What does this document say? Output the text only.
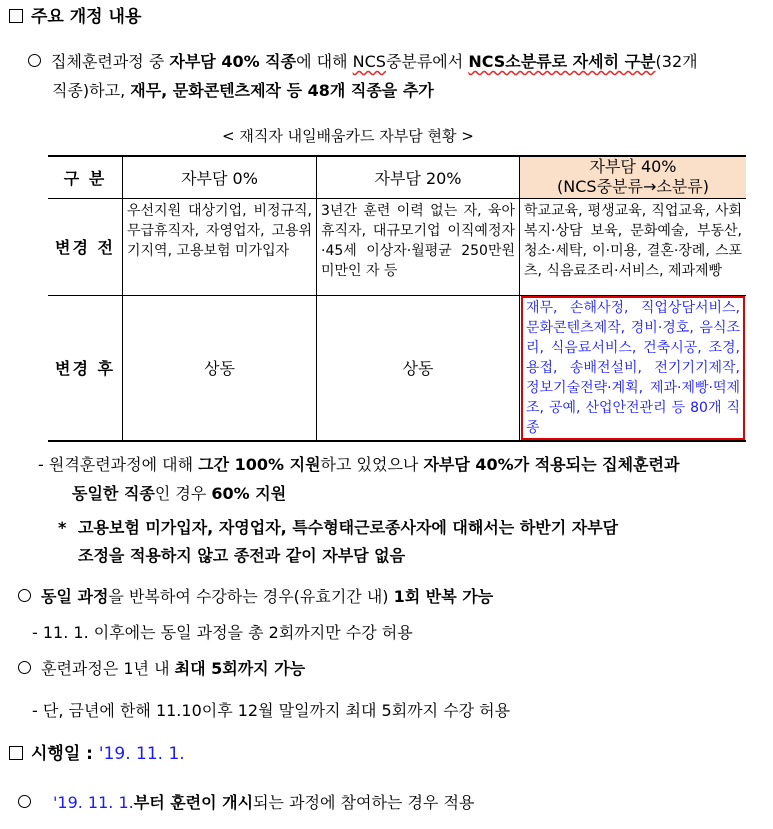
주요 개정 내용
집체훈련과정 중 자부담 40% 직종에 대해 NCS중분류에서 NCS소분류로 자세히 구분(32개
직종)하고, 재무, 문화콘텐츠제작 등 48개 직종을 추가
< 재직자 내일배움카드 자부담 현황 >
구 분	자부담 0%	자부담 20%	자부담 40%
(NCS중분류→소분류)

변경 전	우선지원 대상기업, 비정규직, 무급휴직자, 자영업자, 고용위기지역, 고용보험 미가입자	3년간 훈련 이력 없는 자, 육아휴직자, 대규모기업 이직예정자·45세 이상자·월평균 250만원 미만인 자 등	학교교육, 평생교육, 직업교육, 사회복지·상담 보육, 문화예술, 부동산, 청소·세탁, 이·미용, 결혼·장례, 스포츠, 식음료조리·서비스, 제과제빵
변경 후	상동	상동	재무, 손해사정, 직업상담서비스, 문화콘텐츠제작, 경비·경호, 음식조리, 식음료서비스, 건축시공, 조경, 용접, 송배전설비, 전기기기제작, 정보기술전략·계획, 제과·제빵·떡제조, 공예, 산업안전관리 등 80개 직종
- 원격훈련과정에 대해 그간 100% 지원하고 있었으나 자부담 40%가 적용되는 집체훈련과
동일한 직종인 경우 60% 지원
* 고용보험 미가입자, 자영업자, 특수형태근로종사자에 대해서는 하반기 자부담
조정을 적용하지 않고 종전과 같이 자부담 없음
동일 과정을 반복하여 수강하는 경우(유효기간 내) 1회 반복 가능
- 11. 1. 이후에는 동일 과정을 총 2회까지만 수강 허용
훈련과정은 1년 내 최대 5회까지 가능
- 단, 금년에 한해 11.10이후 12월 말일까지 최대 5회까지 수강 허용
시행일 : '19. 11. 1.
'19. 11. 1.부터 훈련이 개시되는 과정에 참여하는 경우 적용
